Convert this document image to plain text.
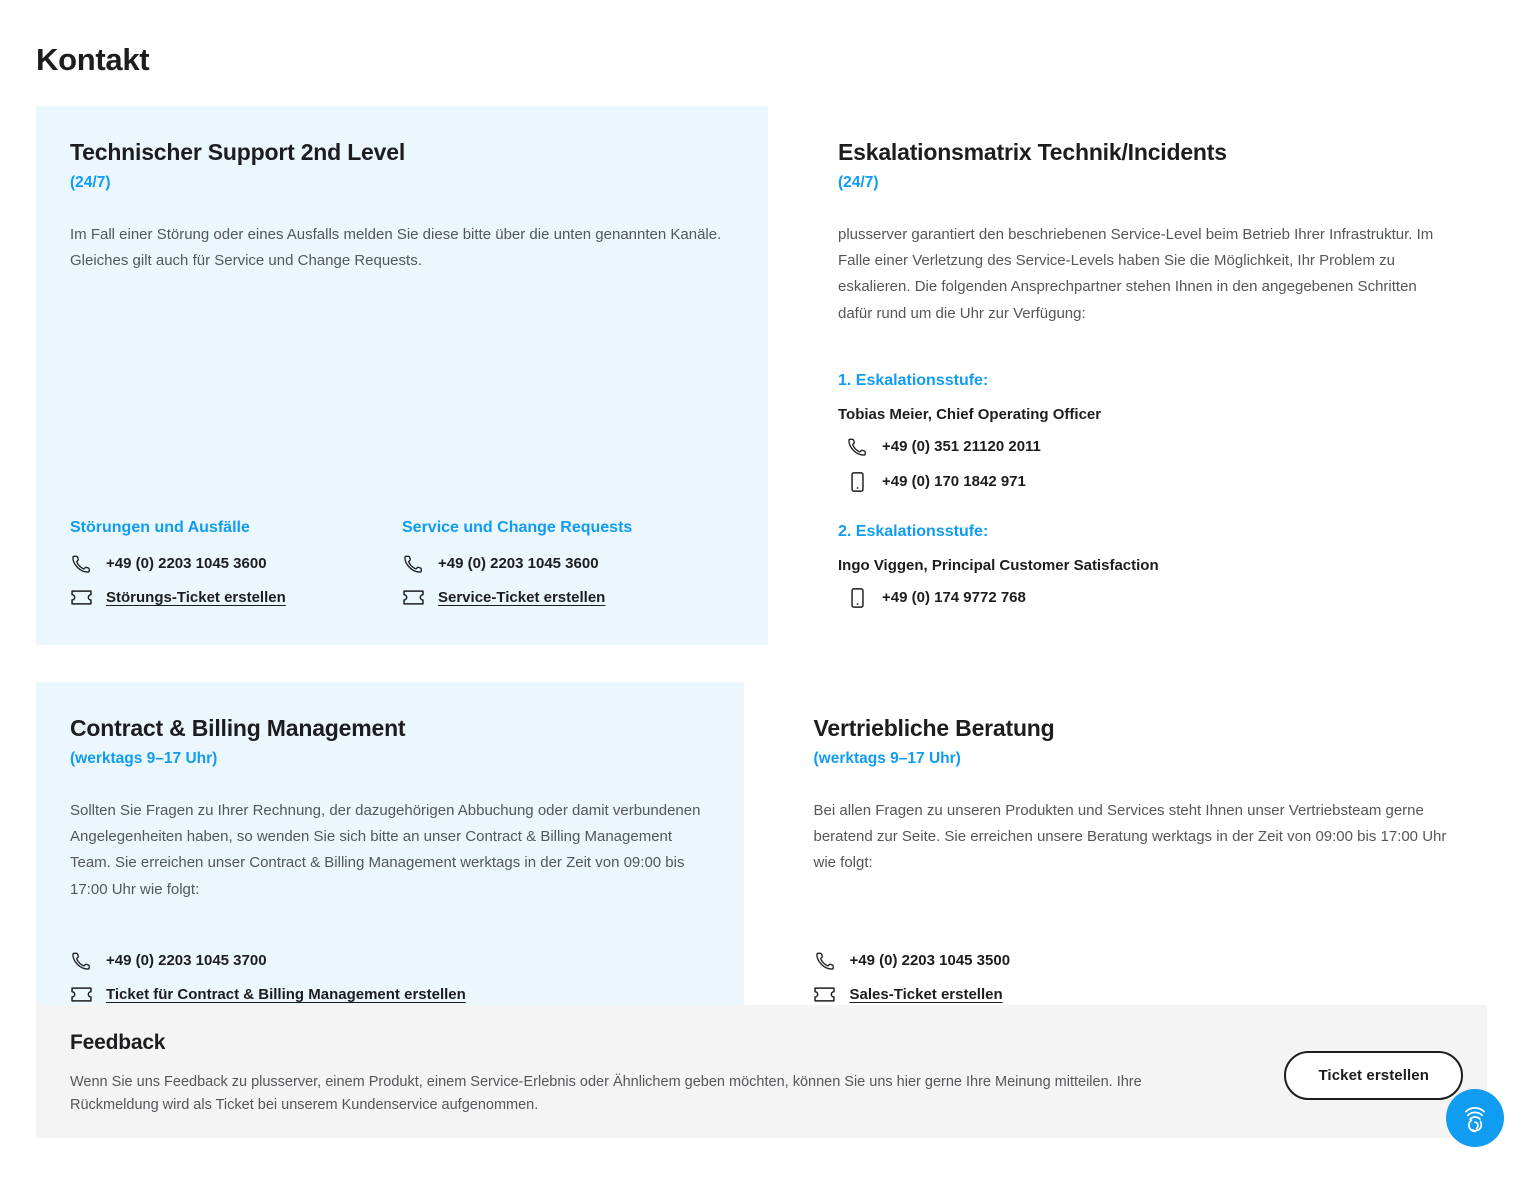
Kontakt
Technischer Support 2nd Level
(24/7)

Im Fall einer Störung oder eines Ausfalls melden Sie diese bitte über die unten genannten Kanäle. Gleiches gilt auch für Service und Change Requests.

Störungen und Ausfälle
+49 (0) 2203 1045 3600
Störungs-Ticket erstellen
Service und Change Requests
+49 (0) 2203 1045 3600
Service-Ticket erstellen
Eskalationsmatrix Technik/Incidents
(24/7)

plusserver garantiert den beschriebenen Service-Level beim Betrieb Ihrer Infrastruktur. Im Falle einer Verletzung des Service-Levels haben Sie die Möglichkeit, Ihr Problem zu eskalieren. Die folgenden Ansprechpartner stehen Ihnen in den angegebenen Schritten dafür rund um die Uhr zur Verfügung:

1. Eskalationsstufe:
Tobias Meier, Chief Operating Officer
+49 (0) 351 21120 2011
+49 (0) 170 1842 971
2. Eskalationsstufe:
Ingo Viggen, Principal Customer Satisfaction
+49 (0) 174 9772 768
Contract & Billing Management
(werktags 9–17 Uhr)

Sollten Sie Fragen zu Ihrer Rechnung, der dazugehörigen Abbuchung oder damit verbundenen Angelegenheiten haben, so wenden Sie sich bitte an unser Contract & Billing Management Team. Sie erreichen unser Contract & Billing Management werktags in der Zeit von 09:00 bis 17:00 Uhr wie folgt:

+49 (0) 2203 1045 3700
Ticket für Contract & Billing Management erstellen
Vertriebliche Beratung
(werktags 9–17 Uhr)

Bei allen Fragen zu unseren Produkten und Services steht Ihnen unser Vertriebsteam gerne beratend zur Seite. Sie erreichen unsere Beratung werktags in der Zeit von 09:00 bis 17:00 Uhr wie folgt:

+49 (0) 2203 1045 3500
Sales-Ticket erstellen
Feedback

Wenn Sie uns Feedback zu plusserver, einem Produkt, einem Service-Erlebnis oder Ähnlichem geben möchten, können Sie uns hier gerne Ihre Meinung mitteilen. Ihre Rückmeldung wird als Ticket bei unserem Kundenservice aufgenommen.

Ticket erstellen
